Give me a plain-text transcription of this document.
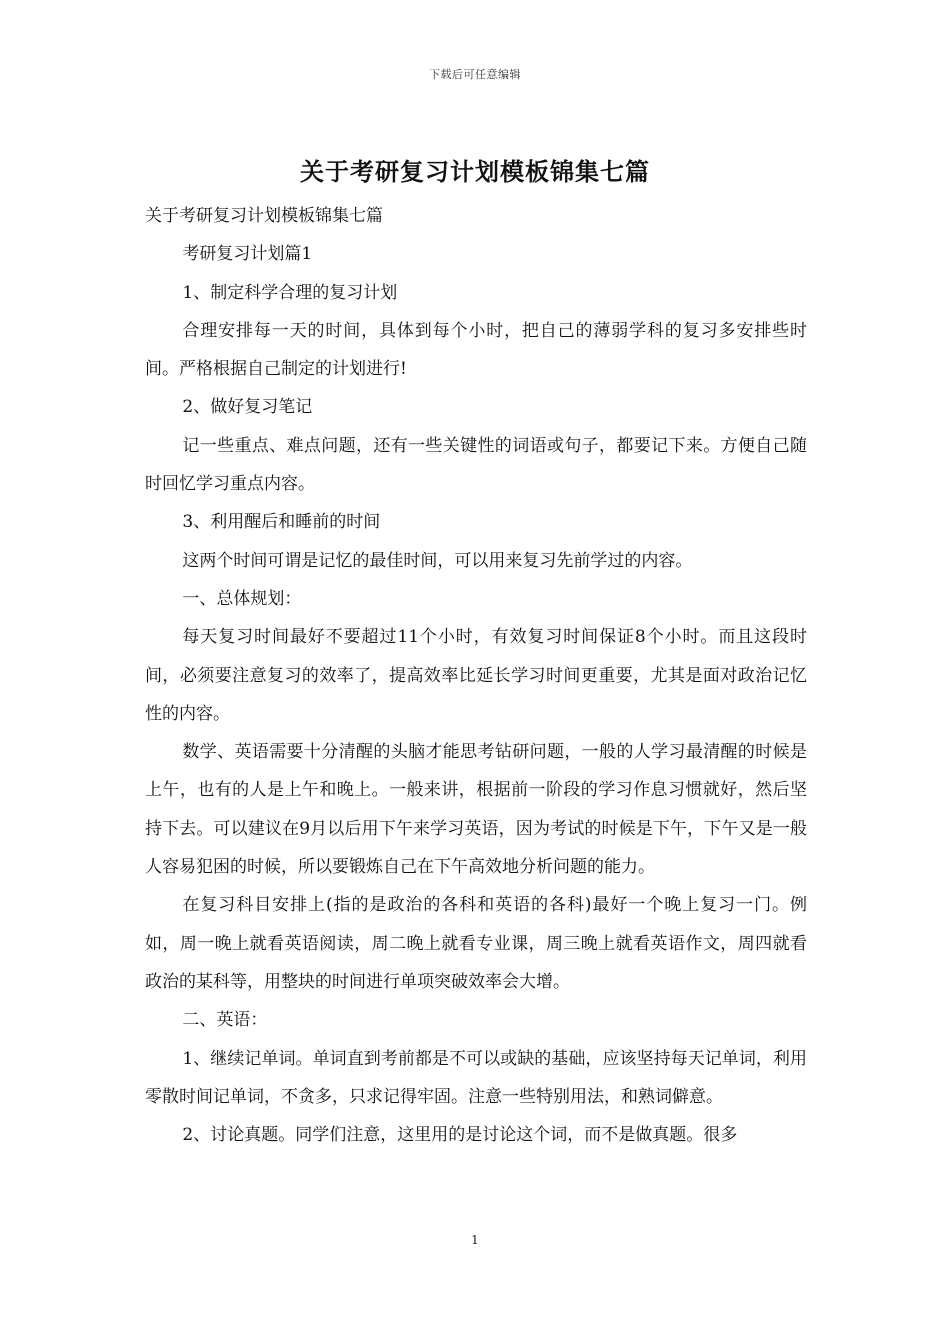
下载后可任意编辑
关于考研复习计划模板锦集七篇

关于考研复习计划模板锦集七篇

考研复习计划篇1

1、制定科学合理的复习计划

合理安排每一天的时间，具体到每个小时，把自己的薄弱学科的复习多安排些时间。严格根据自己制定的计划进行!

2、做好复习笔记

记一些重点、难点问题，还有一些关键性的词语或句子，都要记下来。方便自己随时回忆学习重点内容。

3、利用醒后和睡前的时间

这两个时间可谓是记忆的最佳时间，可以用来复习先前学过的内容。

一、总体规划：

每天复习时间最好不要超过11个小时，有效复习时间保证8个小时。而且这段时间，必须要注意复习的效率了，提高效率比延长学习时间更重要，尤其是面对政治记忆性的内容。

数学、英语需要十分清醒的头脑才能思考钻研问题，一般的人学习最清醒的时候是上午，也有的人是上午和晚上。一般来讲，根据前一阶段的学习作息习惯就好，然后坚持下去。可以建议在9月以后用下午来学习英语，因为考试的时候是下午，下午又是一般人容易犯困的时候，所以要锻炼自己在下午高效地分析问题的能力。

在复习科目安排上(指的是政治的各科和英语的各科)最好一个晚上复习一门。例如，周一晚上就看英语阅读，周二晚上就看专业课，周三晚上就看英语作文，周四就看政治的某科等，用整块的时间进行单项突破效率会大增。

二、英语：

1、继续记单词。单词直到考前都是不可以或缺的基础，应该坚持每天记单词，利用零散时间记单词，不贪多，只求记得牢固。注意一些特别用法，和熟词僻意。

2、讨论真题。同学们注意，这里用的是讨论这个词，而不是做真题。很多

1
